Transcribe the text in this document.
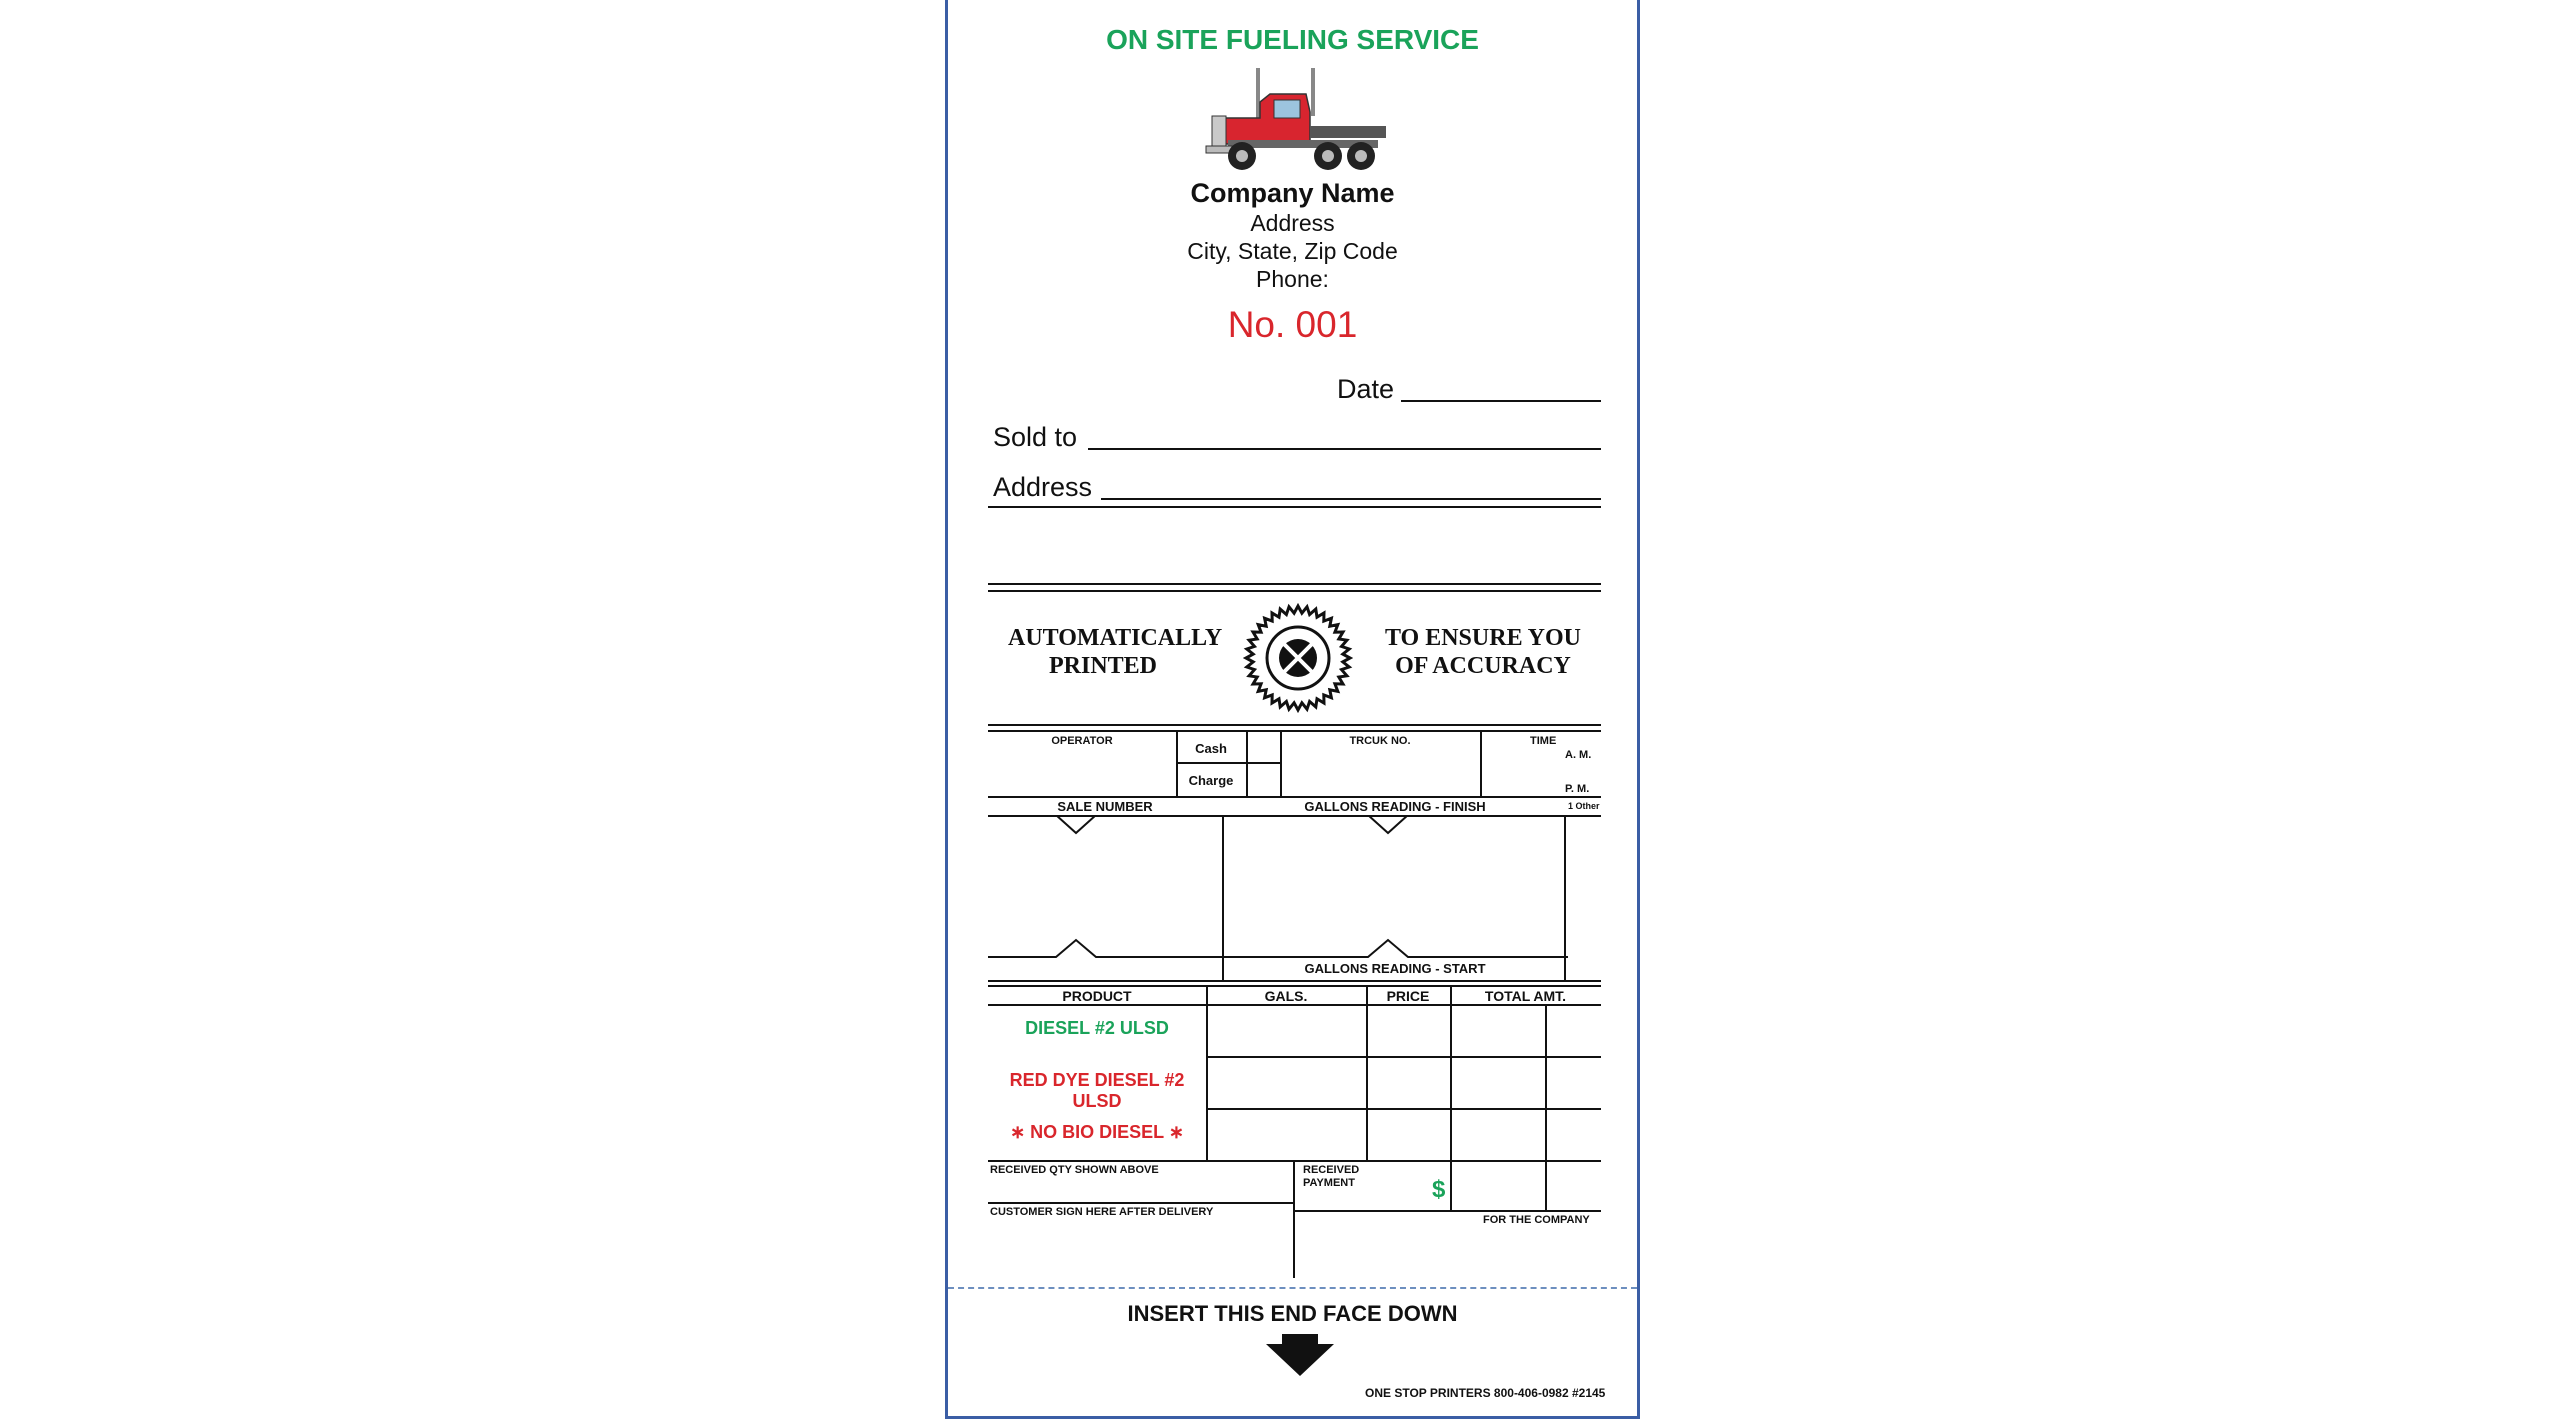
ON SITE FUELING SERVICE
Company Name
Address
City, State, Zip Code
Phone:
No. 001
Date
Sold to
Address
AUTOMATICALLY
PRINTED
TO ENSURE YOU
OF ACCURACY
OPERATOR	Cash
Charge
TRCUK NO.	TIME
A. M.
P. M.
SALE NUMBER	GALLONS READING - FINISH	1 Other
GALLONS READING - START
PRODUCT	GALS.	PRICE	TOTAL AMT.
DIESEL #2 ULSD
RED DYE DIESEL #2 ULSD
∗ NO BIO DIESEL ∗
RECEIVED QTY SHOWN ABOVE
CUSTOMER SIGN HERE AFTER DELIVERY
RECEIVED
PAYMENT	$
FOR THE COMPANY
INSERT THIS END FACE DOWN
ONE STOP PRINTERS 800-406-0982 #2145
